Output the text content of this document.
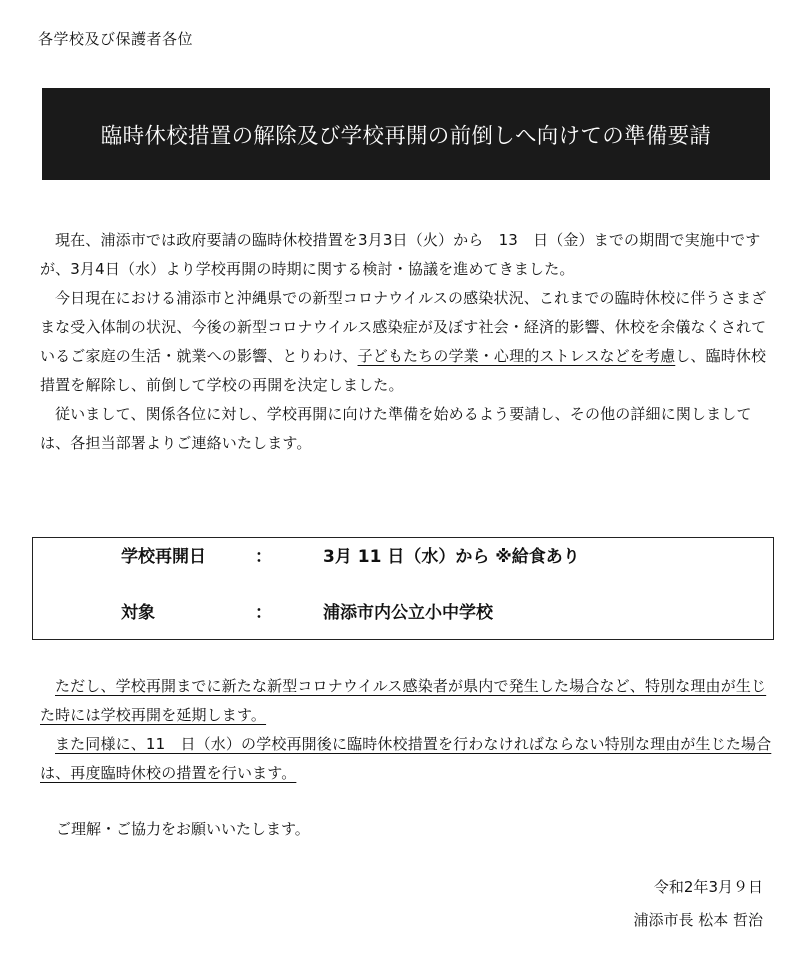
各学校及び保護者各位
臨時休校措置の解除及び学校再開の前倒しへ向けての準備要請

現在、浦添市では政府要請の臨時休校措置を3月3日（火）から　13　日（金）までの期間で実施中ですが、3月4日（水）より学校再開の時期に関する検討・協議を進めてきました。

今日現在における浦添市と沖縄県での新型コロナウイルスの感染状況、これまでの臨時休校に伴うさまざまな受入体制の状況、今後の新型コロナウイルス感染症が及ぼす社会・経済的影響、休校を余儀なくされているご家庭の生活・就業への影響、とりわけ、子どもたちの学業・心理的ストレスなどを考慮し、臨時休校措置を解除し、前倒して学校の再開を決定しました。

従いまして、関係各位に対し、学校再開に向けた準備を始めるよう要請し、その他の詳細に関しましては、各担当部署よりご連絡いたします。

学校再開日	：	3月 11 日（水）から ※給食あり
対象	：	浦添市内公立小中学校

ただし、学校再開までに新たな新型コロナウイルス感染者が県内で発生した場合など、特別な理由が生じた時には学校再開を延期します。

また同様に、11　日（水）の学校再開後に臨時休校措置を行わなければならない特別な理由が生じた場合は、再度臨時休校の措置を行います。

ご理解・ご協力をお願いいたします。
令和2年3月９日
浦添市長 松本 哲治
